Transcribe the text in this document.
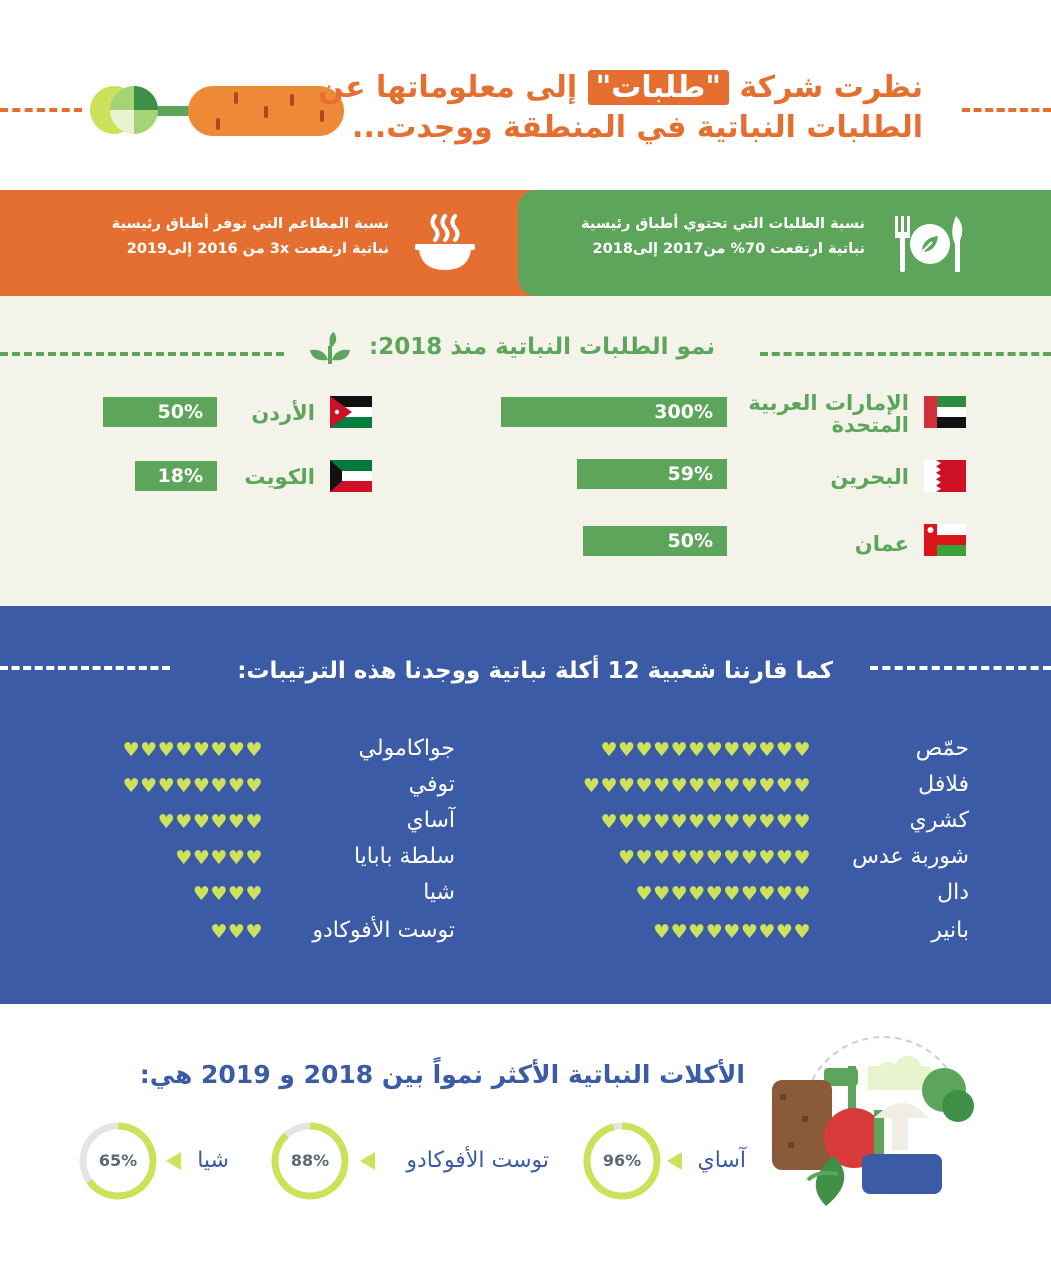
نظرت شركة "طلبات" إلى معلوماتها عن
الطلبات النباتية في المنطقة ووجدت...
نسبة المطاعم التي توفر أطباق رئيسية
نباتية ارتفعت 3x من 2016 إلى2019
نسبة الطلبات التي تحتوي أطباق رئيسية
نباتية ارتفعت 70% من2017 إلى2018
نمو الطلبات النباتية منذ 2018:
الإمارات العربية
المتحدة
300%
البحرين
59%
عمان
50%
الأردن
50%
الكويت
18%
كما قارننا شعبية 12 أكلة نباتية ووجدنا هذه الترتيبات:
حمّص
♥♥♥♥♥♥♥♥♥♥♥♥
فلافل
♥♥♥♥♥♥♥♥♥♥♥♥♥
كشري
♥♥♥♥♥♥♥♥♥♥♥♥
شوربة عدس
♥♥♥♥♥♥♥♥♥♥♥
دال
♥♥♥♥♥♥♥♥♥♥
بانير
♥♥♥♥♥♥♥♥♥
جواكامولي
♥♥♥♥♥♥♥♥
توفي
♥♥♥♥♥♥♥♥
آساي
♥♥♥♥♥♥
سلطة بابايا
♥♥♥♥♥
شيا
♥♥♥♥
توست الأفوكادو
♥♥♥
الأكلات النباتية الأكثر نمواً بين 2018 و 2019 هي:
آساي
96%
توست الأفوكادو
88%
شيا
65%
